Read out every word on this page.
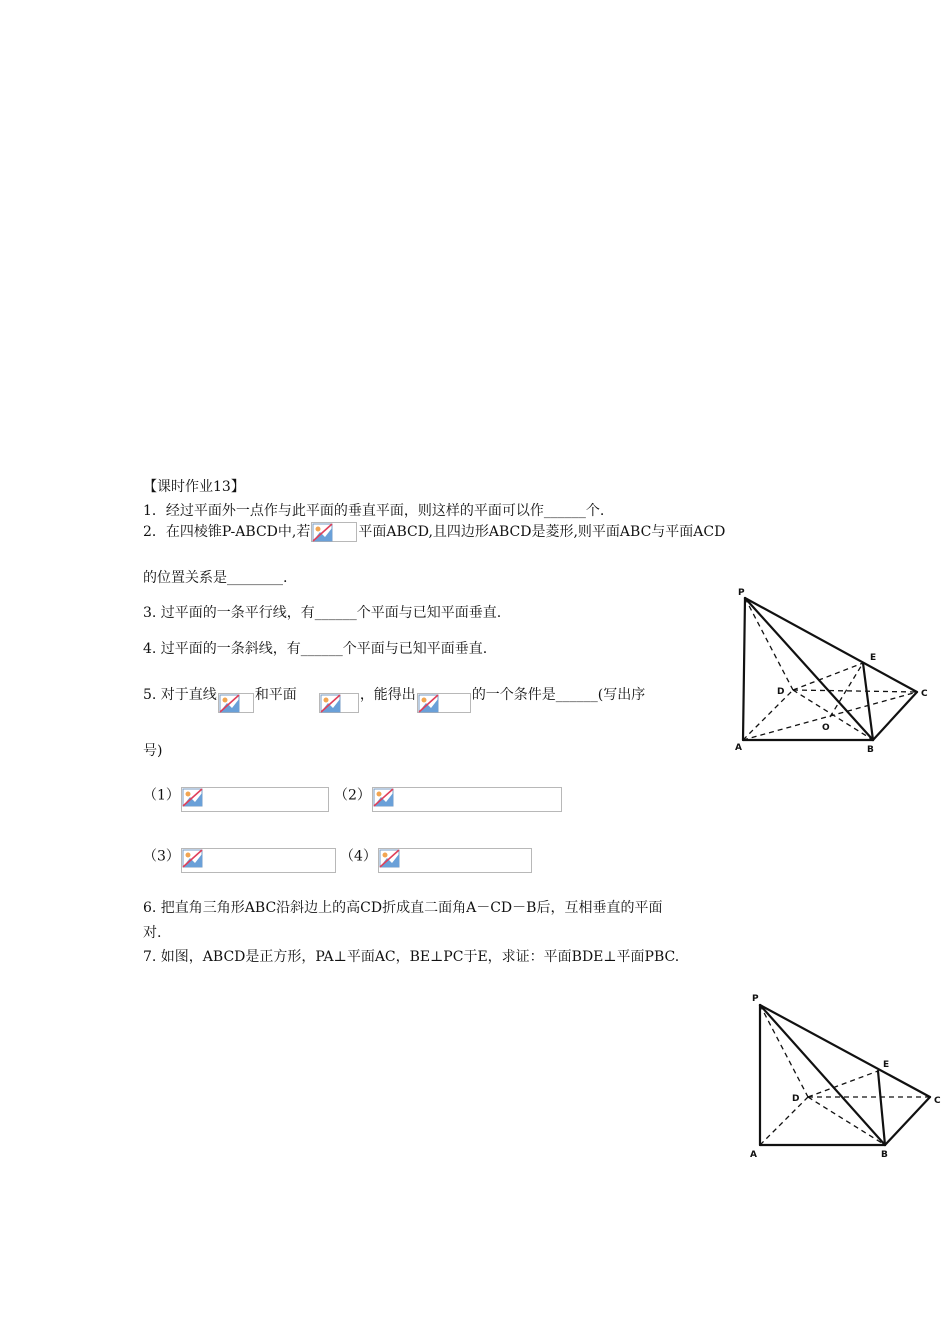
【课时作业13】
1．经过平面外一点作与此平面的垂直平面，则这样的平面可以作______个.
2．在四棱锥P-ABCD中,若	平面ABCD,且四边形ABCD是菱形,则平面ABC与平面ACD
的位置关系是________.
3. 过平面的一条平行线，有______个平面与已知平面垂直.
4. 过平面的一条斜线，有______个平面与已知平面垂直.
5. 对于直线	和平面	，能得出	的一个条件是______(写出序
号)
（1）	（2）
（3）	（4）
6. 把直角三角形ABC沿斜边上的高CD折成直二面角A－CD－B后，互相垂直的平面
对.
7. 如图，ABCD是正方形，PA⊥平面AC，BE⊥PC于E，求证：平面BDE⊥平面PBC.
P
E
D	C
O
A	B
P
E
D	C
A	B
